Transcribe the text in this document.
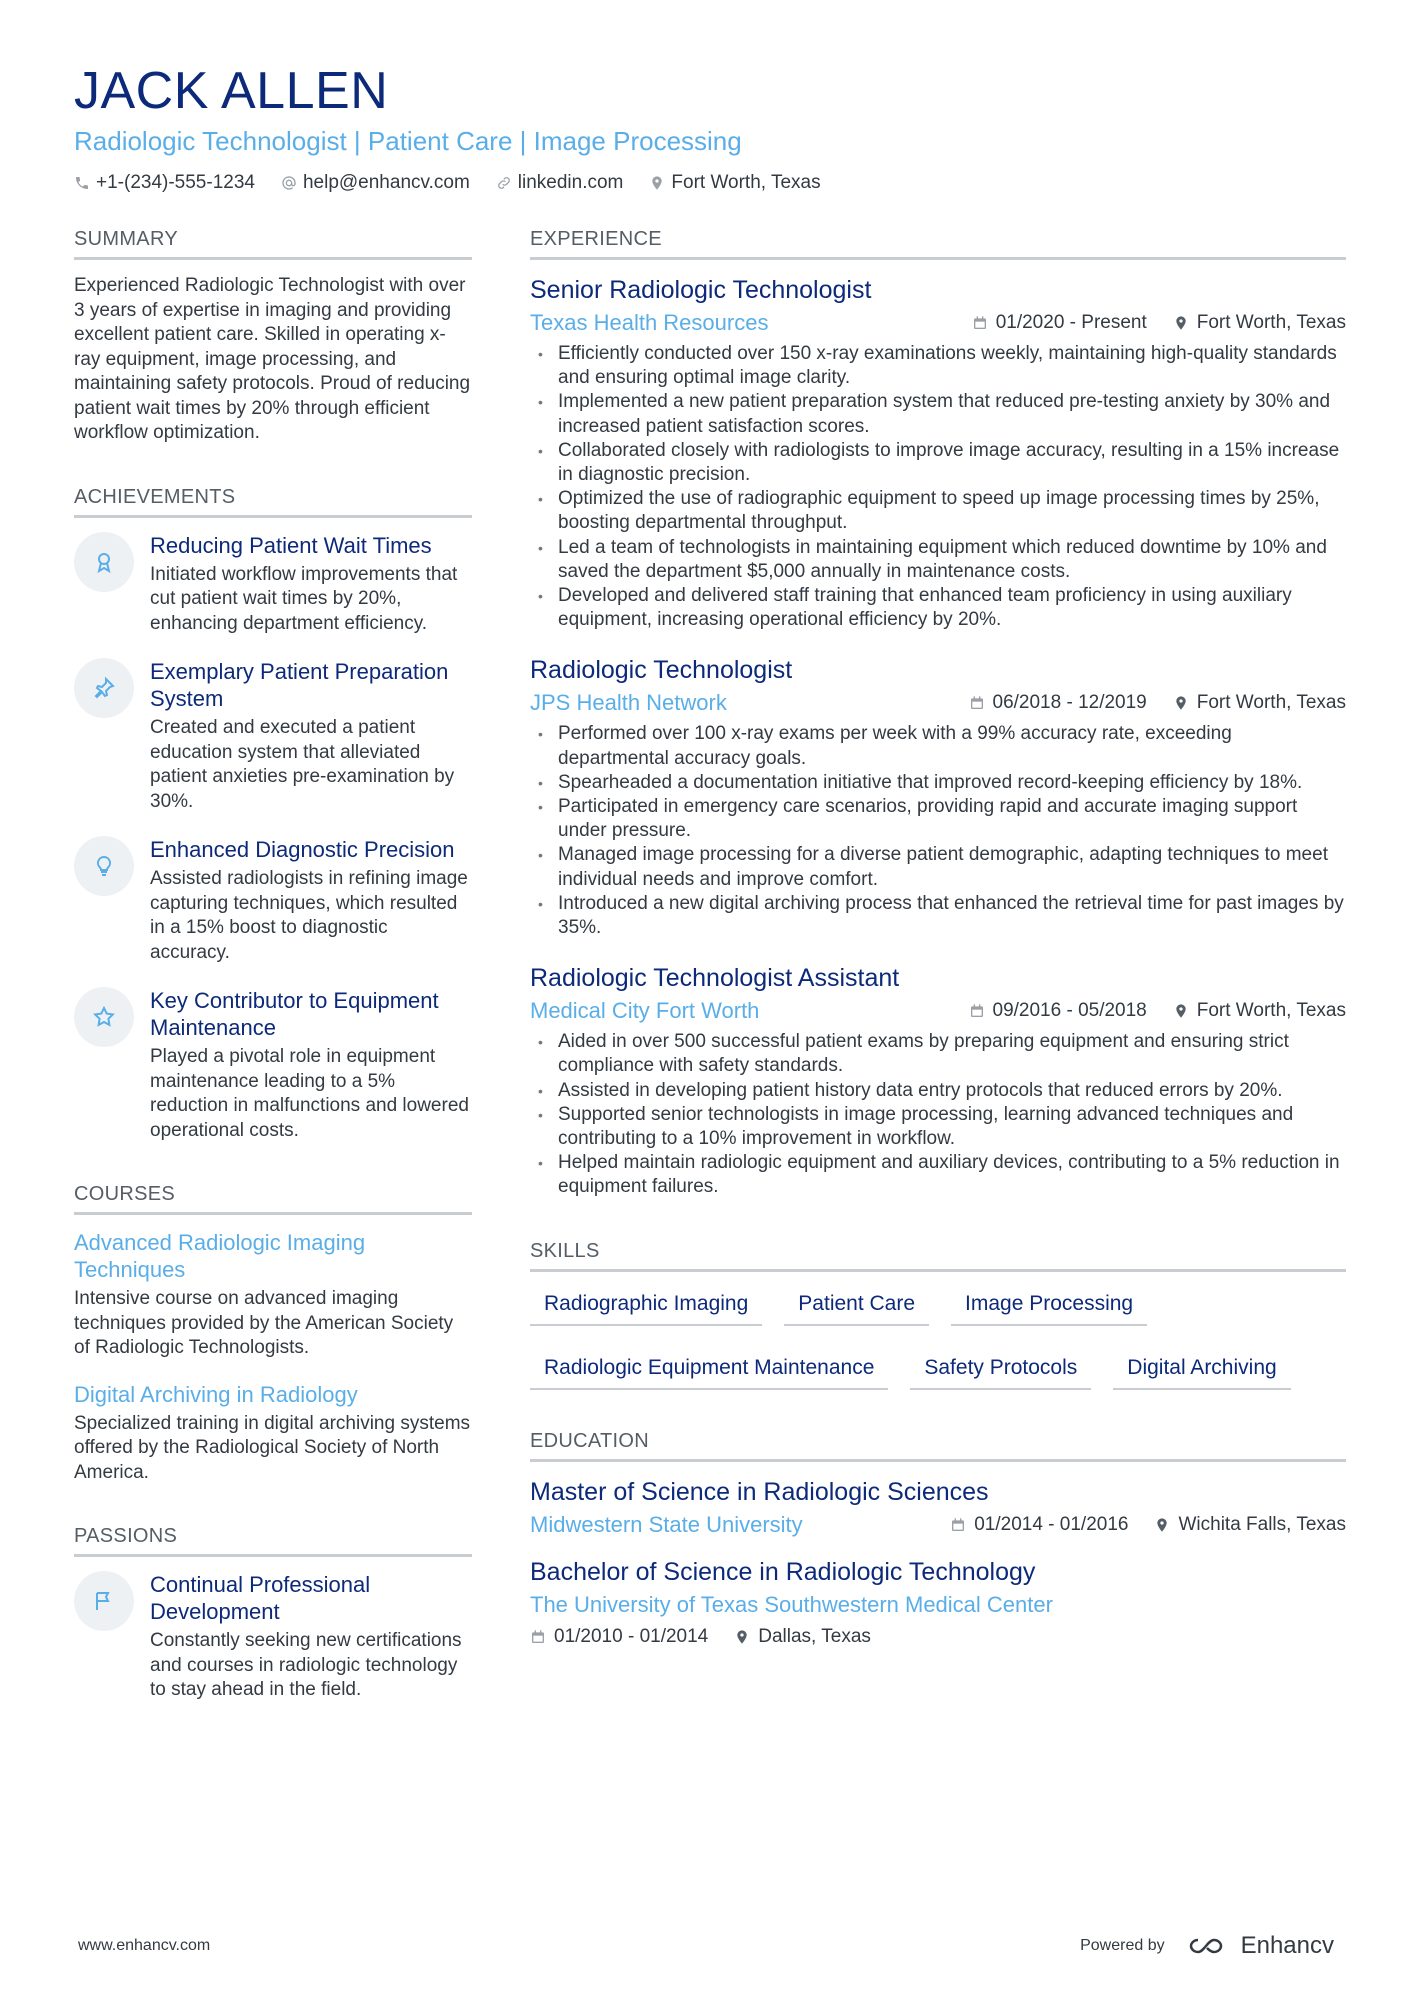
JACK ALLEN
Radiologic Technologist | Patient Care | Image Processing
+1-(234)-555-1234	help@enhancv.com	linkedin.com	Fort Worth, Texas
SUMMARY
Experienced Radiologic Technologist with over 3 years of expertise in imaging and providing excellent patient care. Skilled in operating x-ray equipment, image processing, and maintaining safety protocols. Proud of reducing patient wait times by 20% through efficient workflow optimization.
ACHIEVEMENTS
Reducing Patient Wait Times
Initiated workflow improvements that cut patient wait times by 20%, enhancing department efficiency.
Exemplary Patient Preparation System
Created and executed a patient education system that alleviated patient anxieties pre-examination by 30%.
Enhanced Diagnostic Precision
Assisted radiologists in refining image capturing techniques, which resulted in a 15% boost to diagnostic accuracy.
Key Contributor to Equipment Maintenance
Played a pivotal role in equipment maintenance leading to a 5% reduction in malfunctions and lowered operational costs.
COURSES
Advanced Radiologic Imaging Techniques
Intensive course on advanced imaging techniques provided by the American Society of Radiologic Technologists.
Digital Archiving in Radiology
Specialized training in digital archiving systems offered by the Radiological Society of North America.
PASSIONS
Continual Professional Development
Constantly seeking new certifications and courses in radiologic technology to stay ahead in the field.
EXPERIENCE
Senior Radiologic Technologist
Texas Health Resources	01/2020 - Present	Fort Worth, Texas
• Efficiently conducted over 150 x-ray examinations weekly, maintaining high-quality standards and ensuring optimal image clarity.
• Implemented a new patient preparation system that reduced pre-testing anxiety by 30% and increased patient satisfaction scores.
• Collaborated closely with radiologists to improve image accuracy, resulting in a 15% increase in diagnostic precision.
• Optimized the use of radiographic equipment to speed up image processing times by 25%, boosting departmental throughput.
• Led a team of technologists in maintaining equipment which reduced downtime by 10% and saved the department $5,000 annually in maintenance costs.
• Developed and delivered staff training that enhanced team proficiency in using auxiliary equipment, increasing operational efficiency by 20%.
Radiologic Technologist
JPS Health Network	06/2018 - 12/2019	Fort Worth, Texas
• Performed over 100 x-ray exams per week with a 99% accuracy rate, exceeding departmental accuracy goals.
• Spearheaded a documentation initiative that improved record-keeping efficiency by 18%.
• Participated in emergency care scenarios, providing rapid and accurate imaging support under pressure.
• Managed image processing for a diverse patient demographic, adapting techniques to meet individual needs and improve comfort.
• Introduced a new digital archiving process that enhanced the retrieval time for past images by 35%.
Radiologic Technologist Assistant
Medical City Fort Worth	09/2016 - 05/2018	Fort Worth, Texas
• Aided in over 500 successful patient exams by preparing equipment and ensuring strict compliance with safety standards.
• Assisted in developing patient history data entry protocols that reduced errors by 20%.
• Supported senior technologists in image processing, learning advanced techniques and contributing to a 10% improvement in workflow.
• Helped maintain radiologic equipment and auxiliary devices, contributing to a 5% reduction in equipment failures.
SKILLS
Radiographic Imaging	Patient Care	Image Processing
Radiologic Equipment Maintenance	Safety Protocols	Digital Archiving
EDUCATION
Master of Science in Radiologic Sciences
Midwestern State University	01/2014 - 01/2016	Wichita Falls, Texas
Bachelor of Science in Radiologic Technology
The University of Texas Southwestern Medical Center
01/2010 - 01/2014	Dallas, Texas
www.enhancv.com	Powered by	Enhancv
